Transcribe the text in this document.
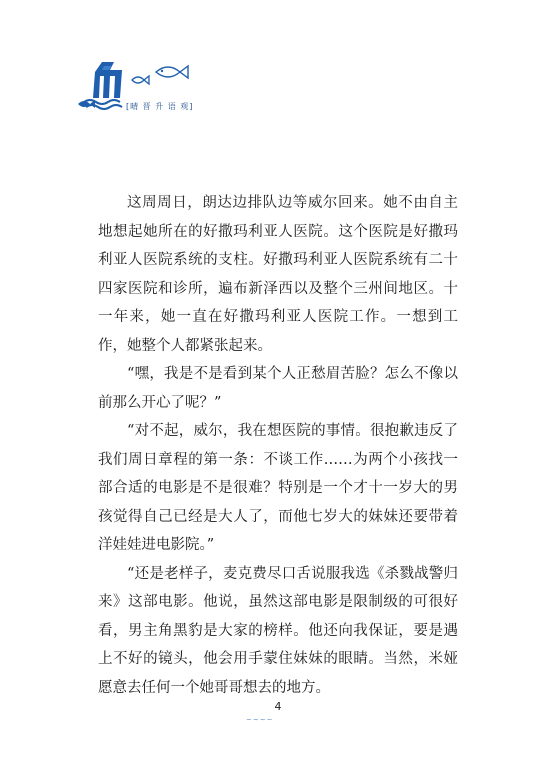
[晴 晋 升 语 观]

这周周日，朗达边排队边等威尔回来。她不由自主地想起她所在的好撒玛利亚人医院。这个医院是好撒玛利亚人医院系统的支柱。好撒玛利亚人医院系统有二十四家医院和诊所，遍布新泽西以及整个三州间地区。十一年来，她一直在好撒玛利亚人医院工作。一想到工作，她整个人都紧张起来。

“嘿，我是不是看到某个人正愁眉苦脸？怎么不像以前那么开心了呢？”

“对不起，威尔，我在想医院的事情。很抱歉违反了我们周日章程的第一条：不谈工作……为两个小孩找一部合适的电影是不是很难？特别是一个才十一岁大的男孩觉得自己已经是大人了，而他七岁大的妹妹还要带着洋娃娃进电影院。”

“还是老样子，麦克费尽口舌说服我选《杀戮战警归来》这部电影。他说，虽然这部电影是限制级的可很好看，男主角黑豹是大家的榜样。他还向我保证，要是遇上不好的镜头，他会用手蒙住妹妹的眼睛。当然，米娅愿意去任何一个她哥哥想去的地方。

4
~~~~
